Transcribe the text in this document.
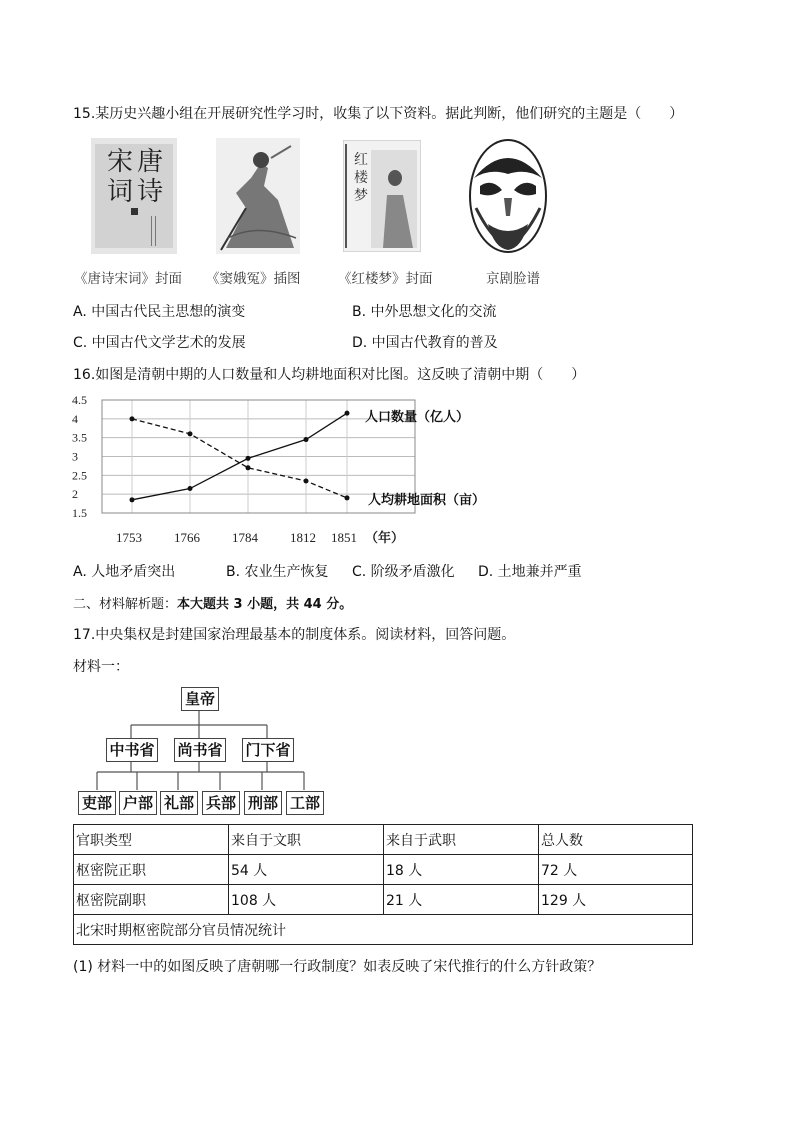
15.某历史兴趣小组在开展研究性学习时，收集了以下资料。据此判断，他们研究的主题是（　　）
宋 唐
词 诗
红
楼
梦
《唐诗宋词》封面 《窦娥冤》插图	《红楼梦》封面	京剧脸谱
A. 中国古代民主思想的演变	B. 中外思想文化的交流
C. 中国古代文学艺术的发展	D. 中国古代教育的普及
16.如图是清朝中期的人口数量和人均耕地面积对比图。这反映了清朝中期（　　）
4.5
4
3.5
3
2.5
2
1.5
1753 1766 1784 1812 1851 （年）
人口数量（亿人）
人均耕地面积（亩）
A. 人地矛盾突出	B. 农业生产恢复 C. 阶级矛盾激化 D. 土地兼并严重
二、材料解析题：本大题共 3 小题，共 44 分。
17.中央集权是封建国家治理最基本的制度体系。阅读材料，回答问题。
材料一：
皇帝
中书省 尚书省 门下省
吏部 户部 礼部 兵部 刑部 工部
官职类型	来自于文职	来自于武职	总人数
枢密院正职	54 人	18 人	72 人
枢密院副职	108 人	21 人	129 人
北宋时期枢密院部分官员情况统计			
(1) 材料一中的如图反映了唐朝哪一行政制度？如表反映了宋代推行的什么方针政策？
